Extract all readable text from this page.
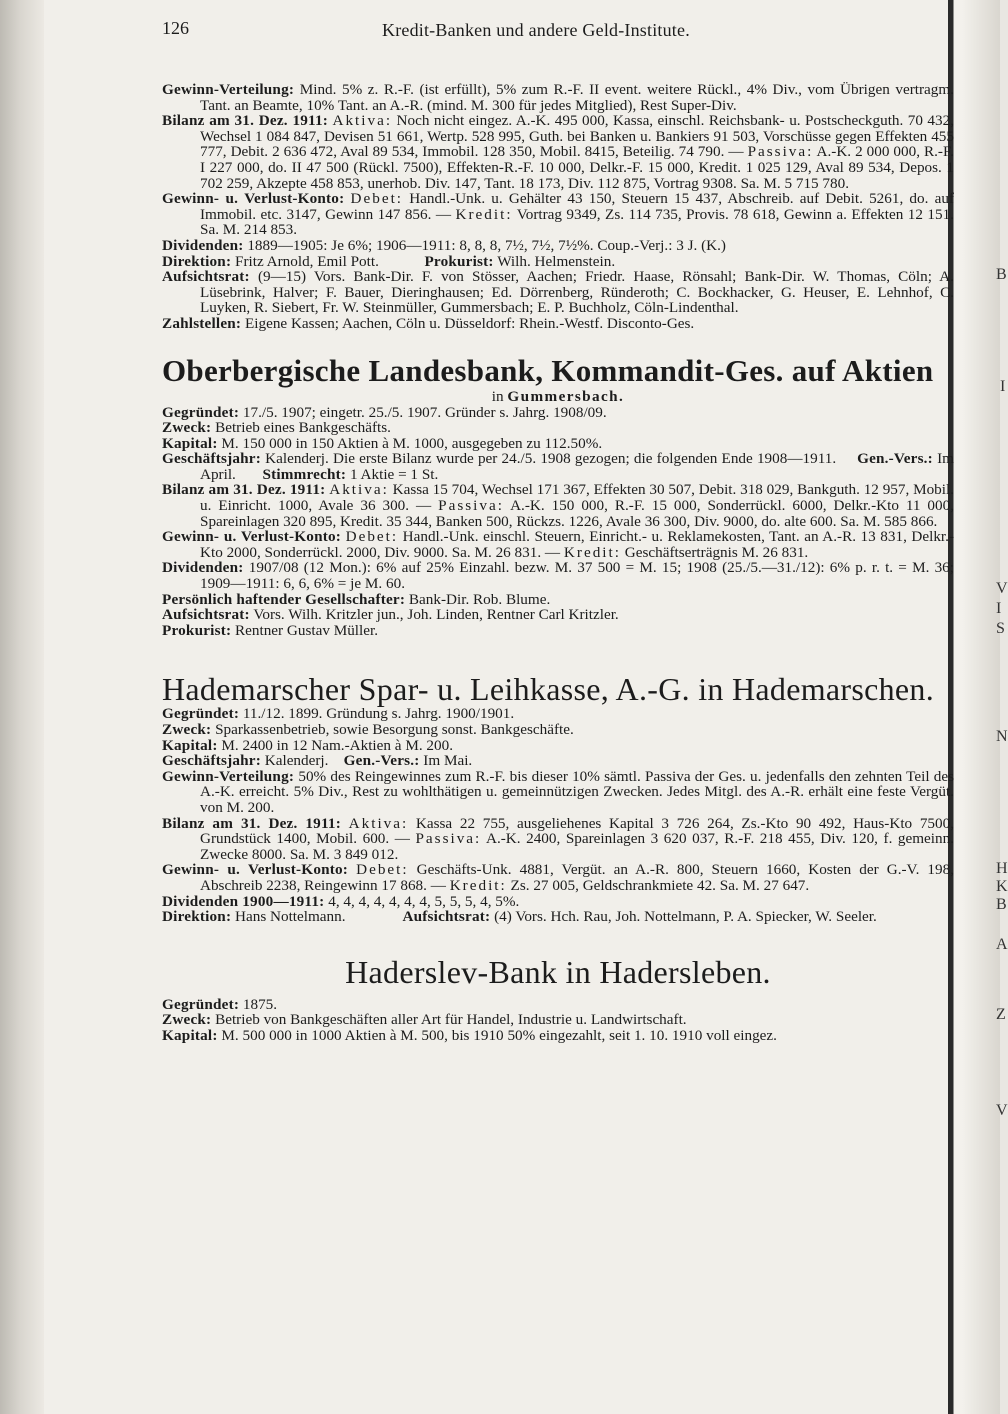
B
I
V
I
S
N
H
K
B
A
Z
V
126	Kredit-Banken und andere Geld-Institute.

Gewinn-Verteilung: Mind. 5% z. R.-F. (ist erfüllt), 5% zum R.-F. II event. weitere Rückl., 4% Div., vom Übrigen vertragm. Tant. an Beamte, 10% Tant. an A.-R. (mind. M. 300 für jedes Mitglied), Rest Super-Div.

Bilanz am 31. Dez. 1911: Aktiva: Noch nicht eingez. A.-K. 495 000, Kassa, einschl. Reichsbank- u. Postscheckguth. 70 432, Wechsel 1 084 847, Devisen 51 661, Wertp. 528 995, Guth. bei Banken u. Bankiers 91 503, Vorschüsse gegen Effekten 455 777, Debit. 2 636 472, Aval 89 534, Immobil. 128 350, Mobil. 8415, Beteilig. 74 790. — Passiva: A.-K. 2 000 000, R.-F. I 227 000, do. II 47 500 (Rückl. 7500), Effekten-R.-F. 10 000, Delkr.-F. 15 000, Kredit. 1 025 129, Aval 89 534, Depos. 1 702 259, Akzepte 458 853, unerhob. Div. 147, Tant. 18 173, Div. 112 875, Vortrag 9308. Sa. M. 5 715 780.

Gewinn- u. Verlust-Konto: Debet: Handl.-Unk. u. Gehälter 43 150, Steuern 15 437, Abschreib. auf Debit. 5261, do. auf Immobil. etc. 3147, Gewinn 147 856. — Kredit: Vortrag 9349, Zs. 114 735, Provis. 78 618, Gewinn a. Effekten 12 151. Sa. M. 214 853.

Dividenden: 1889—1905: Je 6%; 1906—1911: 8, 8, 8, 7½, 7½, 7½%. Coup.-Verj.: 3 J. (K.)

Direktion: Fritz Arnold, Emil Pott.	Prokurist: Wilh. Helmenstein.

Aufsichtsrat: (9—15) Vors. Bank-Dir. F. von Stösser, Aachen; Friedr. Haase, Rönsahl; Bank-Dir. W. Thomas, Cöln; A. Lüsebrink, Halver; F. Bauer, Dieringhausen; Ed. Dörrenberg, Ründeroth; C. Bockhacker, G. Heuser, E. Lehnhof, C. Luyken, R. Siebert, Fr. W. Steinmüller, Gummersbach; E. P. Buchholz, Cöln-Lindenthal.

Zahlstellen: Eigene Kassen; Aachen, Cöln u. Düsseldorf: Rhein.-Westf. Disconto-Ges.

Oberbergische Landesbank, Kommandit-Ges. auf Aktien
in Gummersbach.

Gegründet: 17./5. 1907; eingetr. 25./5. 1907. Gründer s. Jahrg. 1908/09.

Zweck: Betrieb eines Bankgeschäfts.

Kapital: M. 150 000 in 150 Aktien à M. 1000, ausgegeben zu 112.50%.

Geschäftsjahr: Kalenderj. Die erste Bilanz wurde per 24./5. 1908 gezogen; die folgenden Ende 1908—1911. Gen.-Vers.: Im April. Stimmrecht: 1 Aktie = 1 St.

Bilanz am 31. Dez. 1911: Aktiva: Kassa 15 704, Wechsel 171 367, Effekten 30 507, Debit. 318 029, Bankguth. 12 957, Mobil. u. Einricht. 1000, Avale 36 300. — Passiva: A.-K. 150 000, R.-F. 15 000, Sonderrückl. 6000, Delkr.-Kto 11 000, Spareinlagen 320 895, Kredit. 35 344, Banken 500, Rückzs. 1226, Avale 36 300, Div. 9000, do. alte 600. Sa. M. 585 866.

Gewinn- u. Verlust-Konto: Debet: Handl.-Unk. einschl. Steuern, Einricht.- u. Reklamekosten, Tant. an A.-R. 13 831, Delkr.-Kto 2000, Sonderrückl. 2000, Div. 9000. Sa. M. 26 831. — Kredit: Geschäftserträgnis M. 26 831.

Dividenden: 1907/08 (12 Mon.): 6% auf 25% Einzahl. bezw. M. 37 500 = M. 15; 1908 (25./5.—31./12): 6% p. r. t. = M. 36; 1909—1911: 6, 6, 6% = je M. 60.

Persönlich haftender Gesellschafter: Bank-Dir. Rob. Blume.

Aufsichtsrat: Vors. Wilh. Kritzler jun., Joh. Linden, Rentner Carl Kritzler.

Prokurist: Rentner Gustav Müller.

Hademarscher Spar- u. Leihkasse, A.-G. in Hademarschen.

Gegründet: 11./12. 1899. Gründung s. Jahrg. 1900/1901.

Zweck: Sparkassenbetrieb, sowie Besorgung sonst. Bankgeschäfte.

Kapital: M. 2400 in 12 Nam.-Aktien à M. 200.

Geschäftsjahr: Kalenderj. Gen.-Vers.: Im Mai.

Gewinn-Verteilung: 50% des Reingewinnes zum R.-F. bis dieser 10% sämtl. Passiva der Ges. u. jedenfalls den zehnten Teil des A.-K. erreicht. 5% Div., Rest zu wohlthätigen u. gemeinnützigen Zwecken. Jedes Mitgl. des A.-R. erhält eine feste Vergüt. von M. 200.

Bilanz am 31. Dez. 1911: Aktiva: Kassa 22 755, ausgeliehenes Kapital 3 726 264, Zs.-Kto 90 492, Haus-Kto 7500, Grundstück 1400, Mobil. 600. — Passiva: A.-K. 2400, Spareinlagen 3 620 037, R.-F. 218 455, Div. 120, f. gemeinn. Zwecke 8000. Sa. M. 3 849 012.

Gewinn- u. Verlust-Konto: Debet: Geschäfts-Unk. 4881, Vergüt. an A.-R. 800, Steuern 1660, Kosten der G.-V. 198, Abschreib 2238, Reingewinn 17 868. — Kredit: Zs. 27 005, Geldschrankmiete 42. Sa. M. 27 647.

Dividenden 1900—1911: 4, 4, 4, 4, 4, 4, 4, 5, 5, 5, 4, 5%.

Direktion: Hans Nottelmann.	Aufsichtsrat: (4) Vors. Hch. Rau, Joh. Nottelmann, P. A. Spiecker, W. Seeler.

Haderslev-Bank in Hadersleben.

Gegründet: 1875.

Zweck: Betrieb von Bankgeschäften aller Art für Handel, Industrie u. Landwirtschaft.

Kapital: M. 500 000 in 1000 Aktien à M. 500, bis 1910 50% eingezahlt, seit 1. 10. 1910 voll eingez.
